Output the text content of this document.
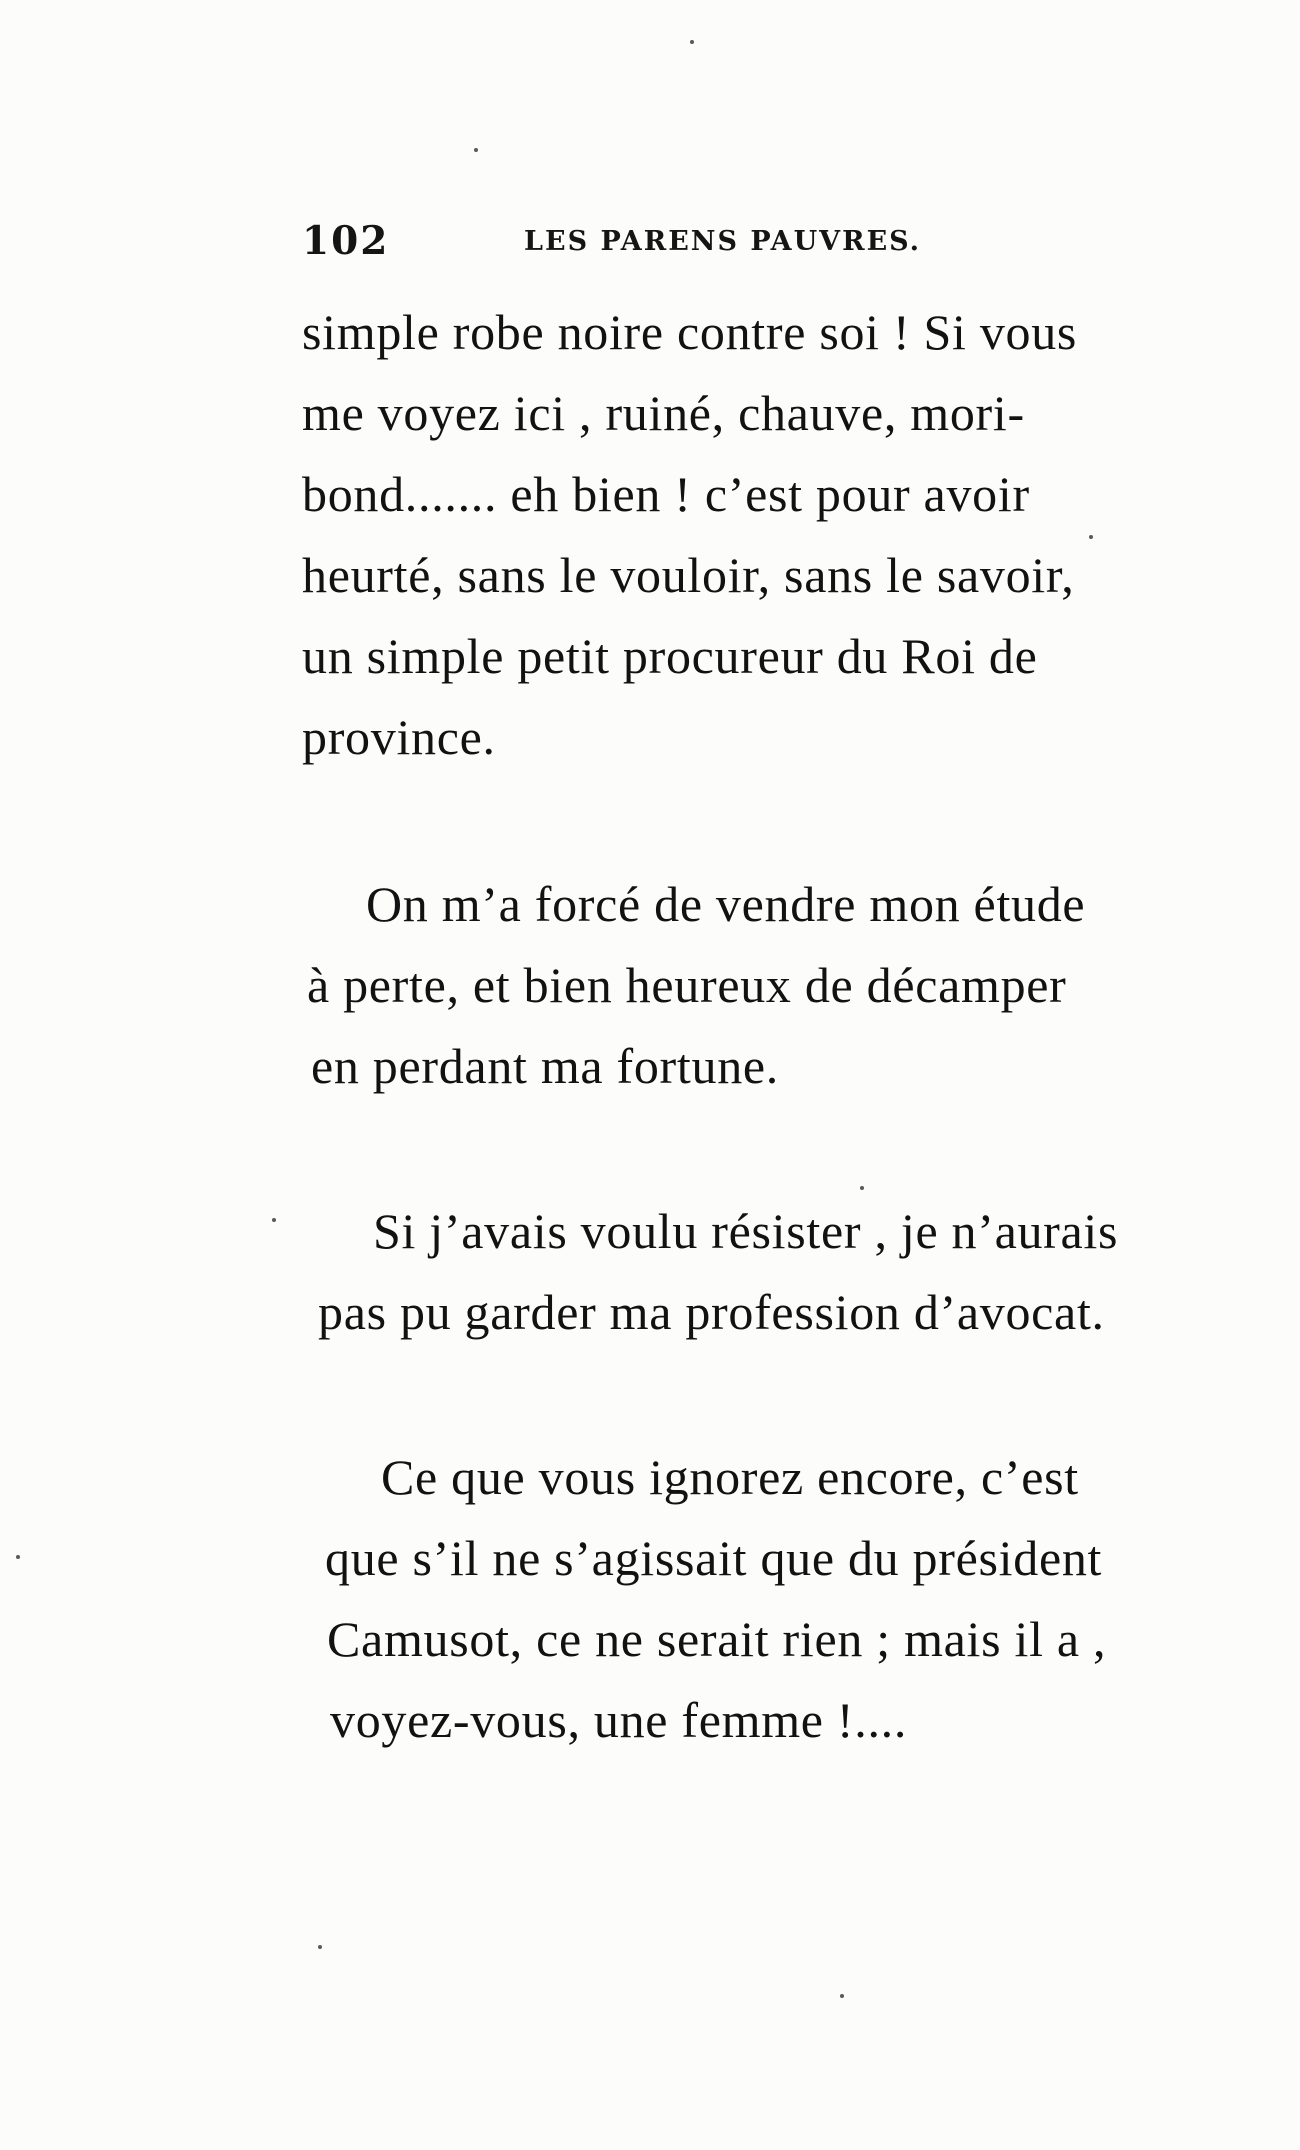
102	LES PARENS PAUVRES.

simple robe noire contre soi ! Si vous

me voyez ici , ruiné, chauve, mori-

bond....... eh bien ! c’est pour avoir

heurté, sans le vouloir, sans le savoir,

un simple petit procureur du Roi de

province.

On m’a forcé de vendre mon étude

à perte, et bien heureux de décamper

en perdant ma fortune.

Si j’avais voulu résister , je n’aurais

pas pu garder ma profession d’avocat.

Ce que vous ignorez encore, c’est

que s’il ne s’agissait que du président

Camusot, ce ne serait rien ; mais il a ,

voyez-vous, une femme !....
